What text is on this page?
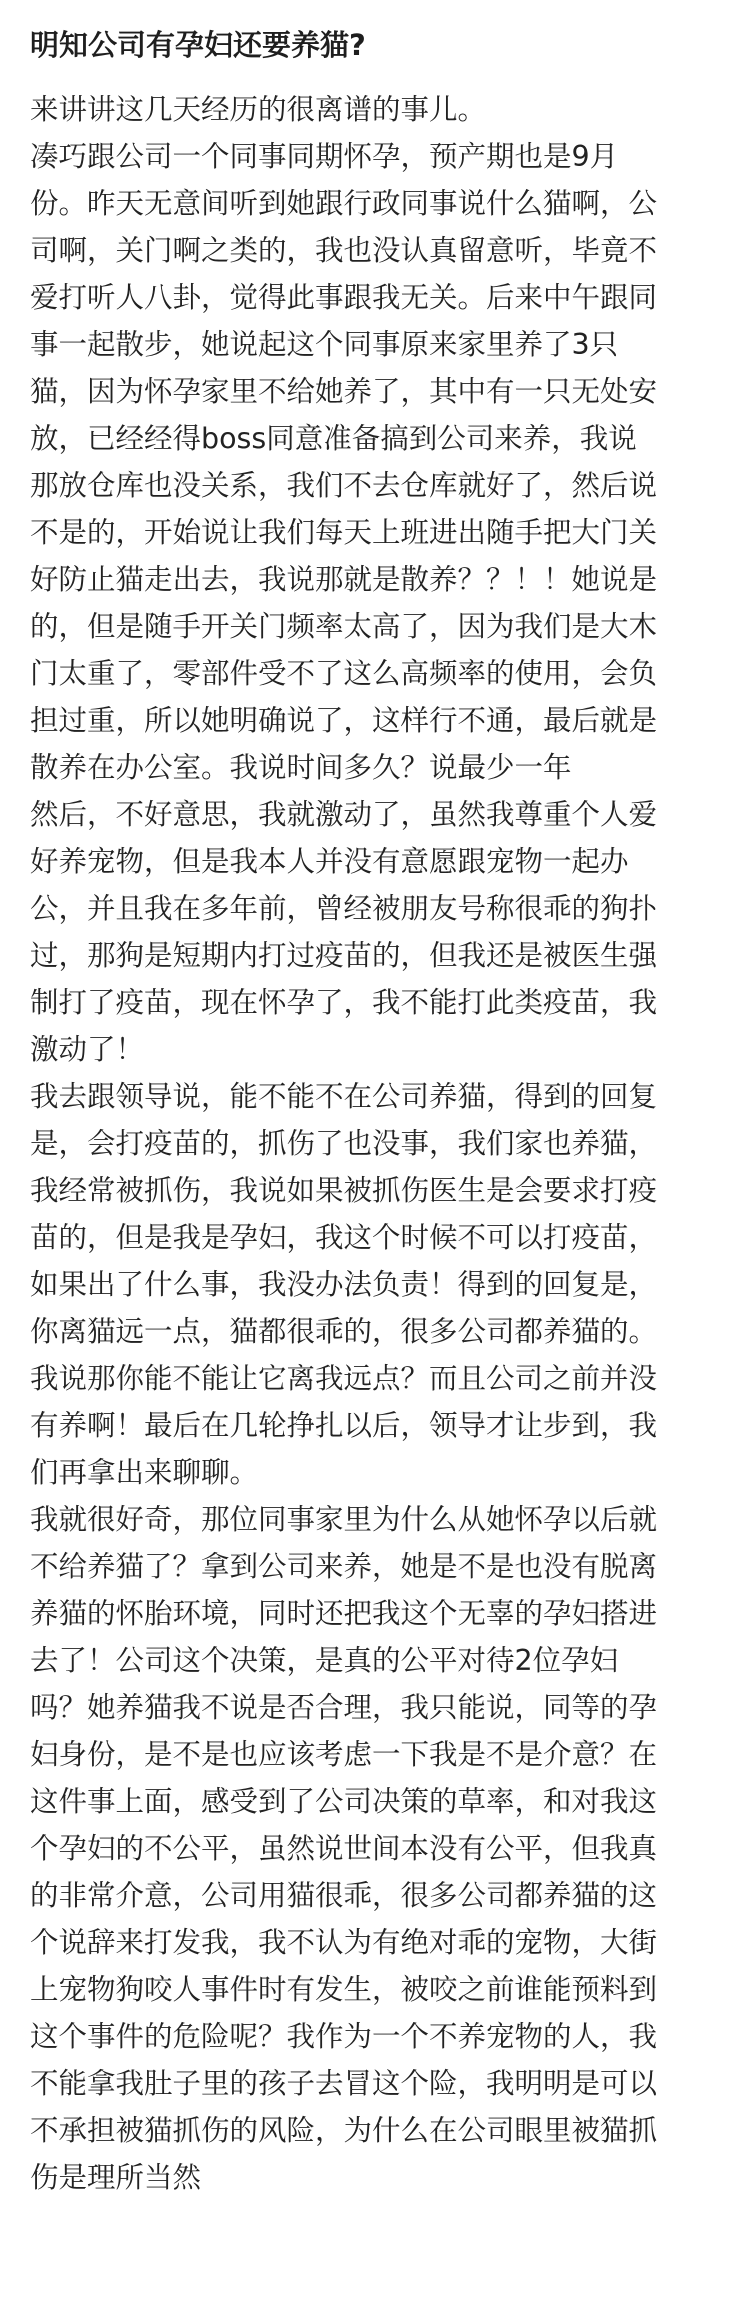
明知公司有孕妇还要养猫?
来讲讲这几天经历的很离谱的事儿。
凑巧跟公司一个同事同期怀孕，预产期也是9月
份。昨天无意间听到她跟行政同事说什么猫啊，公
司啊，关门啊之类的，我也没认真留意听，毕竟不
爱打听人八卦，觉得此事跟我无关。后来中午跟同
事一起散步，她说起这个同事原来家里养了3只
猫，因为怀孕家里不给她养了，其中有一只无处安
放，已经经得boss同意准备搞到公司来养，我说
那放仓库也没关系，我们不去仓库就好了，然后说
不是的，开始说让我们每天上班进出随手把大门关
好防止猫走出去，我说那就是散养？？！！她说是
的，但是随手开关门频率太高了，因为我们是大木
门太重了，零部件受不了这么高频率的使用，会负
担过重，所以她明确说了，这样行不通，最后就是
散养在办公室。我说时间多久？说最少一年
然后，不好意思，我就激动了，虽然我尊重个人爱
好养宠物，但是我本人并没有意愿跟宠物一起办
公，并且我在多年前，曾经被朋友号称很乖的狗扑
过，那狗是短期内打过疫苗的，但我还是被医生强
制打了疫苗，现在怀孕了，我不能打此类疫苗，我
激动了！
我去跟领导说，能不能不在公司养猫，得到的回复
是，会打疫苗的，抓伤了也没事，我们家也养猫，
我经常被抓伤，我说如果被抓伤医生是会要求打疫
苗的，但是我是孕妇，我这个时候不可以打疫苗，
如果出了什么事，我没办法负责！得到的回复是，
你离猫远一点，猫都很乖的，很多公司都养猫的。
我说那你能不能让它离我远点？而且公司之前并没
有养啊！最后在几轮挣扎以后，领导才让步到，我
们再拿出来聊聊。
我就很好奇，那位同事家里为什么从她怀孕以后就
不给养猫了？拿到公司来养，她是不是也没有脱离
养猫的怀胎环境，同时还把我这个无辜的孕妇搭进
去了！公司这个决策，是真的公平对待2位孕妇
吗？她养猫我不说是否合理，我只能说，同等的孕
妇身份，是不是也应该考虑一下我是不是介意？在
这件事上面，感受到了公司决策的草率，和对我这
个孕妇的不公平，虽然说世间本没有公平，但我真
的非常介意，公司用猫很乖，很多公司都养猫的这
个说辞来打发我，我不认为有绝对乖的宠物，大街
上宠物狗咬人事件时有发生，被咬之前谁能预料到
这个事件的危险呢？我作为一个不养宠物的人，我
不能拿我肚子里的孩子去冒这个险，我明明是可以
不承担被猫抓伤的风险，为什么在公司眼里被猫抓
伤是理所当然
